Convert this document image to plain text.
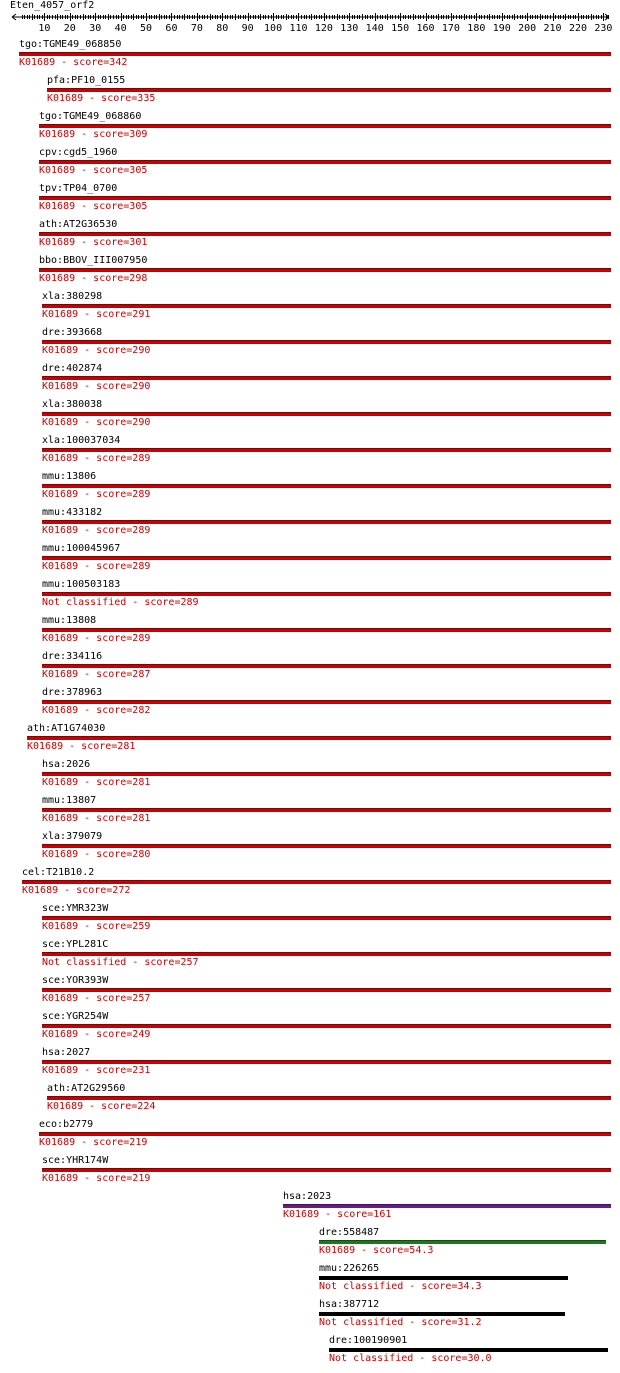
Eten_4057_orf2
10 20 30 40 50 60 70 80 90 100 110 120 130 140 150 160 170 180 190 200 210 220 230
tgo:TGME49_068850
K01689 - score=342
pfa:PF10_0155
K01689 - score=335
tgo:TGME49_068860
K01689 - score=309
cpv:cgd5_1960
K01689 - score=305
tpv:TP04_0700
K01689 - score=305
ath:AT2G36530
K01689 - score=301
bbo:BBOV_III007950
K01689 - score=298
xla:380298
K01689 - score=291
dre:393668
K01689 - score=290
dre:402874
K01689 - score=290
xla:380038
K01689 - score=290
xla:100037034
K01689 - score=289
mmu:13806
K01689 - score=289
mmu:433182
K01689 - score=289
mmu:100045967
K01689 - score=289
mmu:100503183
Not classified - score=289
mmu:13808
K01689 - score=289
dre:334116
K01689 - score=287
dre:378963
K01689 - score=282
ath:AT1G74030
K01689 - score=281
hsa:2026
K01689 - score=281
mmu:13807
K01689 - score=281
xla:379079
K01689 - score=280
cel:T21B10.2
K01689 - score=272
sce:YMR323W
K01689 - score=259
sce:YPL281C
Not classified - score=257
sce:YOR393W
K01689 - score=257
sce:YGR254W
K01689 - score=249
hsa:2027
K01689 - score=231
ath:AT2G29560
K01689 - score=224
eco:b2779
K01689 - score=219
sce:YHR174W
K01689 - score=219
hsa:2023
K01689 - score=161
dre:558487
K01689 - score=54.3
mmu:226265
Not classified - score=34.3
hsa:387712
Not classified - score=31.2
dre:100190901
Not classified - score=30.0
